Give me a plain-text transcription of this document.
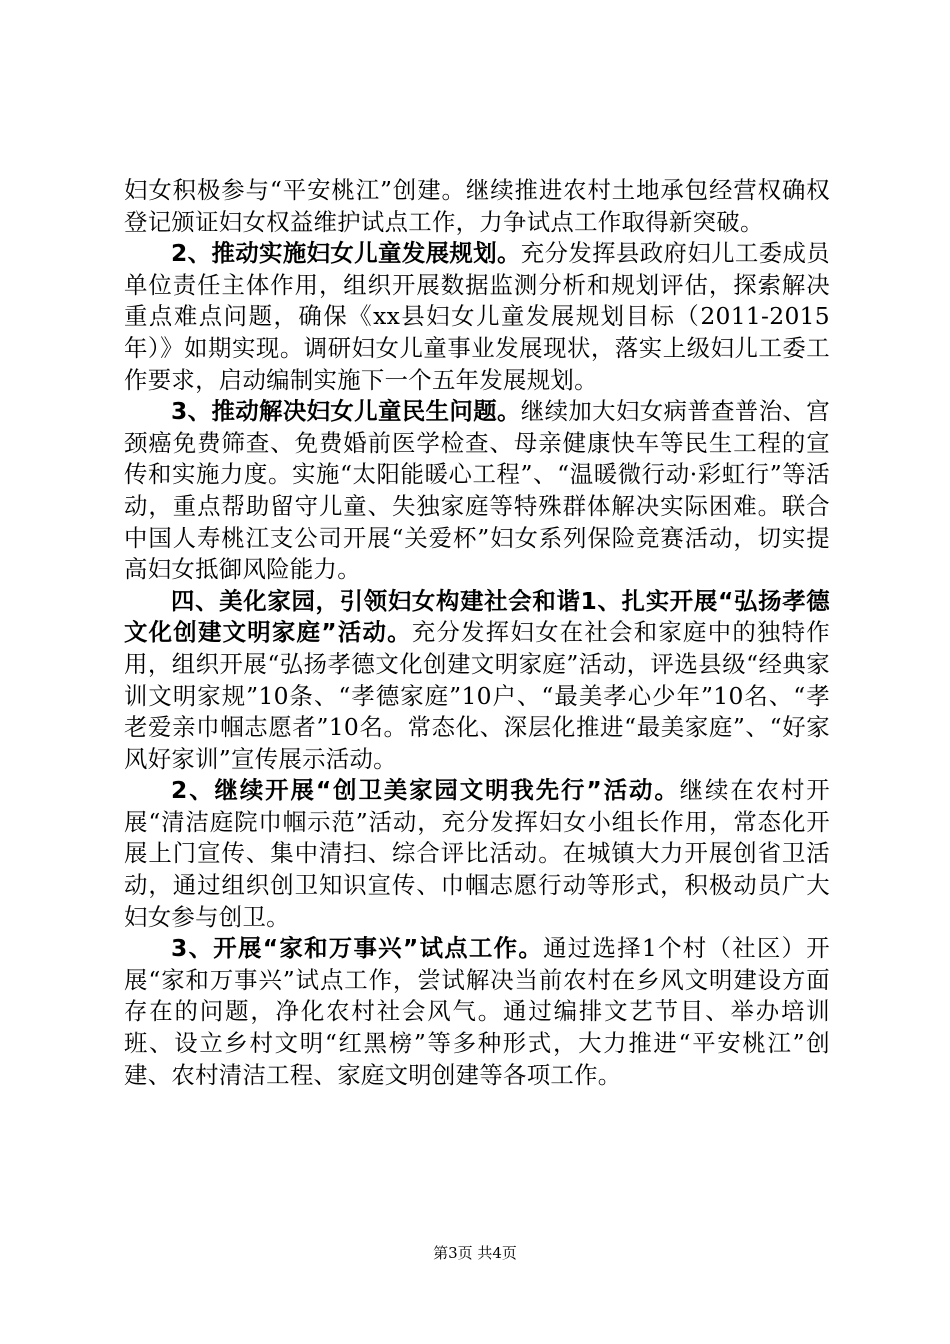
妇女积极参与“平安桃江”创建。继续推进农村土地承包经营权确权登记颁证妇女权益维护试点工作，力争试点工作取得新突破。

2、推动实施妇女儿童发展规划。充分发挥县政府妇儿工委成员单位责任主体作用，组织开展数据监测分析和规划评估，探索解决重点难点问题，确保《xx县妇女儿童发展规划目标（2011-2015年）》如期实现。调研妇女儿童事业发展现状，落实上级妇儿工委工作要求，启动编制实施下一个五年发展规划。

3、推动解决妇女儿童民生问题。继续加大妇女病普查普治、宫颈癌免费筛查、免费婚前医学检查、母亲健康快车等民生工程的宣传和实施力度。实施“太阳能暖心工程”、“温暖微行动·彩虹行”等活动，重点帮助留守儿童、失独家庭等特殊群体解决实际困难。联合中国人寿桃江支公司开展“关爱杯”妇女系列保险竞赛活动，切实提高妇女抵御风险能力。

四、美化家园，引领妇女构建社会和谐1、扎实开展“弘扬孝德文化创建文明家庭”活动。充分发挥妇女在社会和家庭中的独特作用，组织开展“弘扬孝德文化创建文明家庭”活动，评选县级“经典家训文明家规”10条、“孝德家庭”10户、“最美孝心少年”10名、“孝老爱亲巾帼志愿者”10名。常态化、深层化推进“最美家庭”、“好家风好家训”宣传展示活动。

2、继续开展“创卫美家园文明我先行”活动。继续在农村开展“清洁庭院巾帼示范”活动，充分发挥妇女小组长作用，常态化开展上门宣传、集中清扫、综合评比活动。在城镇大力开展创省卫活动，通过组织创卫知识宣传、巾帼志愿行动等形式，积极动员广大妇女参与创卫。

3、开展“家和万事兴”试点工作。通过选择1个村（社区）开展“家和万事兴”试点工作，尝试解决当前农村在乡风文明建设方面存在的问题，净化农村社会风气。通过编排文艺节目、举办培训班、设立乡村文明“红黑榜”等多种形式，大力推进“平安桃江”创建、农村清洁工程、家庭文明创建等各项工作。

第3页 共4页
